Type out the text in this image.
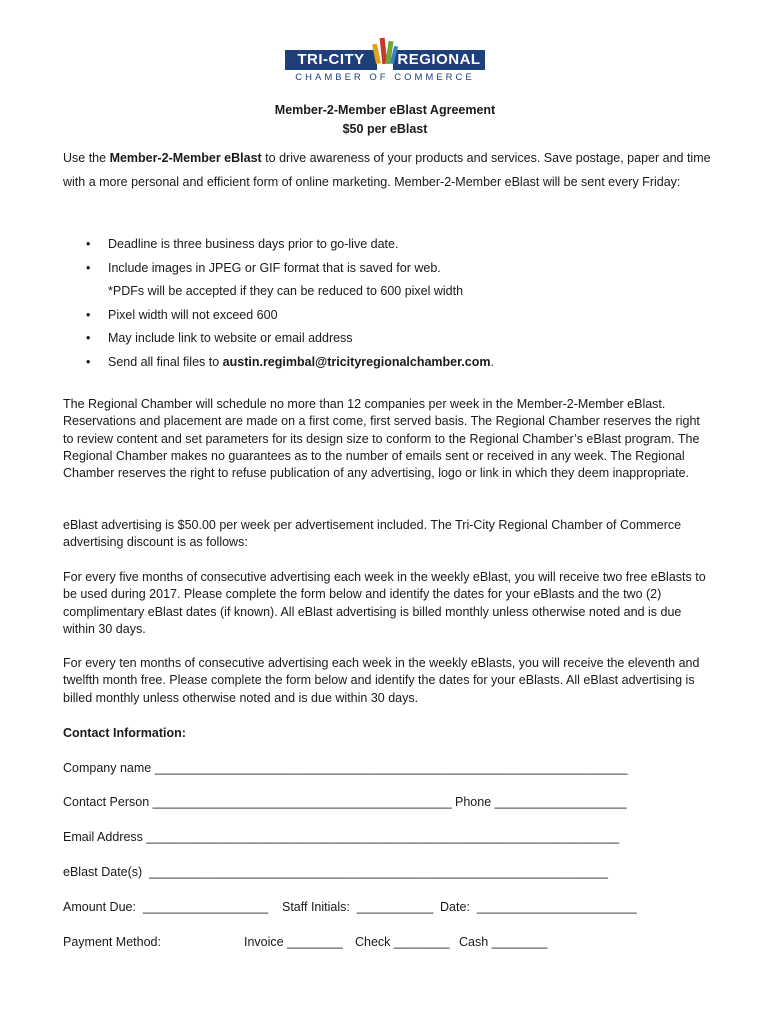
TRI-CITY	REGIONAL
CHAMBER OF COMMERCE
Member-2-Member eBlast Agreement
$50 per eBlast
Use the Member-2-Member eBlast to drive awareness of your products and services. Save postage, paper and time with a more personal and efficient form of online marketing. Member-2-Member eBlast will be sent every Friday:
• Deadline is three business days prior to go-live date.
• Include images in JPEG or GIF format that is saved for web.
*PDFs will be accepted if they can be reduced to 600 pixel width
• Pixel width will not exceed 600
• May include link to website or email address
• Send all final files to austin.regimbal@tricityregionalchamber.com.
The Regional Chamber will schedule no more than 12 companies per week in the Member-2-Member eBlast. Reservations and placement are made on a first come, first served basis. The Regional Chamber reserves the right to review content and set parameters for its design size to conform to the Regional Chamber’s eBlast program. The Regional Chamber makes no guarantees as to the number of emails sent or received in any week. The Regional Chamber reserves the right to refuse publication of any advertising, logo or link in which they deem inappropriate.
eBlast advertising is $50.00 per week per advertisement included. The Tri-City Regional Chamber of Commerce advertising discount is as follows:
For every five months of consecutive advertising each week in the weekly eBlast, you will receive two free eBlasts to be used during 2017. Please complete the form below and identify the dates for your eBlasts and the two (2) complimentary eBlast dates (if known). All eBlast advertising is billed monthly unless otherwise noted and is due within 30 days.
For every ten months of consecutive advertising each week in the weekly eBlasts, you will receive the eleventh and twelfth month free. Please complete the form below and identify the dates for your eBlasts. All eBlast advertising is billed monthly unless otherwise noted and is due within 30 days.
Contact Information:
Company name ____________________________________________________________________
Contact Person ___________________________________________ Phone ___________________
Email Address ____________________________________________________________________
eBlast Date(s)  __________________________________________________________________
Amount Due:  __________________ Staff Initials:  ___________ Date:  _______________________
Payment Method:	Invoice ________ Check ________ Cash ________
